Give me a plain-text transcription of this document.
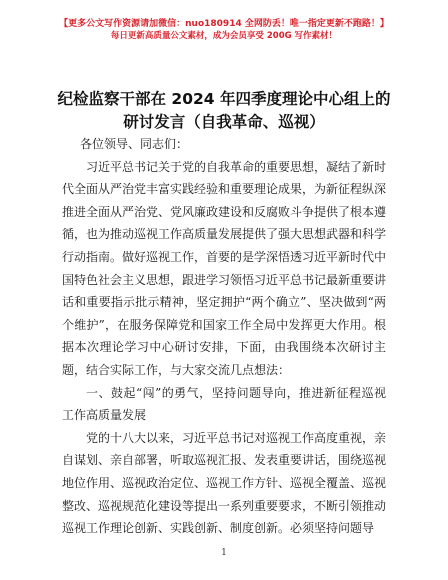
【更多公文写作资源请加微信：nuo180914 全网防丢！唯一指定更新不跑路！】
每日更新高质量公文素材，成为会员享受 200G 写作素材！
纪检监察干部在 2024 年四季度理论中心组上的
研讨发言（自我革命、巡视）

各位领导、同志们：

习近平总书记关于党的自我革命的重要思想，凝结了新时代全面从严治党丰富实践经验和重要理论成果，为新征程纵深推进全面从严治党、党风廉政建设和反腐败斗争提供了根本遵循，也为推动巡视工作高质量发展提供了强大思想武器和科学行动指南。做好巡视工作，首要的是学深悟透习近平新时代中国特色社会主义思想，跟进学习领悟习近平总书记最新重要讲话和重要指示批示精神，坚定拥护“两个确立”、坚决做到“两个维护”，在服务保障党和国家工作全局中发挥更大作用。根据本次理论学习中心研讨安排，下面，由我围绕本次研讨主题，结合实际工作，与大家交流几点想法：

一、鼓起“闯”的勇气，坚持问题导向，推进新征程巡视工作高质量发展

党的十八大以来，习近平总书记对巡视工作高度重视，亲自谋划、亲自部署，听取巡视汇报、发表重要讲话，围绕巡视地位作用、巡视政治定位、巡视工作方针、巡视全覆盖、巡视整改、巡视规范化建设等提出一系列重要要求，不断引领推动巡视工作理论创新、实践创新、制度创新。必须坚持问题导

1
